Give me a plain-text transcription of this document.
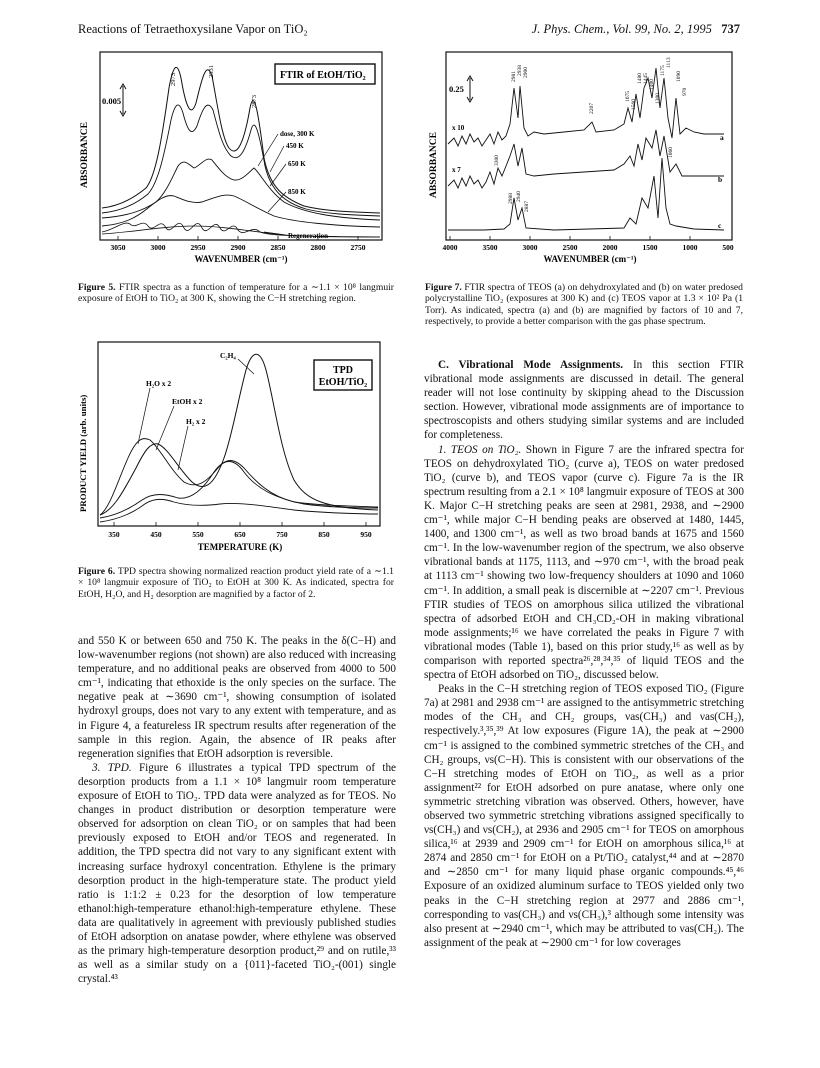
Reactions of Tetraethoxysilane Vapor on TiO₂	J. Phys. Chem., Vol. 99, No. 2, 1995 737
ABSORBANCE
0.005
FTIR of EtOH/TiO₂
2973
2931
2873
dose, 300 K
450 K
650 K
850 K
Regeneration
3050	3000	2950	2900	2850	2800	2750
WAVENUMBER (cm⁻¹)
Figure 5. FTIR spectra as a function of temperature for a ∼1.1 × 10⁸ langmuir exposure of EtOH to TiO₂ at 300 K, showing the C−H stretching region.
PRODUCT YIELD (arb. units)
TPD
EtOH/TiO₂
C₂H₄
H₂O x 2
EtOH x 2
H₂ x 2
350	450	550	650	750	850	950
TEMPERATURE (K)
Figure 6. TPD spectra showing normalized reaction product yield rate of a ∼1.1 × 10⁸ langmuir exposure of TiO₂ to EtOH at 300 K. As indicated, spectra for EtOH, H₂O, and H₂ desorption are magnified by a factor of 2.
ABSORBANCE
0.25
x 10
x 7
a
b
c
2981
2938 2900
2207
1675
1560
1480 1445
1400
1300
1175
1113
1090
1060
970
3300
2988 2940
2887
4000	3500	3000	2500	2000	1500	1000	500
WAVENUMBER (cm⁻¹)
Figure 7. FTIR spectra of TEOS (a) on dehydroxylated and (b) on water predosed polycrystalline TiO₂ (exposures at 300 K) and (c) TEOS vapor at 1.3 × 10² Pa (1 Torr). As indicated, spectra (a) and (b) are magnified by factors of 10 and 7, respectively, to provide a better comparison with the gas phase spectrum.

and 550 K or between 650 and 750 K. The peaks in the δ(C−H) and low-wavenumber regions (not shown) are also reduced with increasing temperature, and no additional peaks are observed from 4000 to 500 cm⁻¹, indicating that ethoxide is the only species on the surface. The negative peak at ∼3690 cm⁻¹, showing consumption of isolated hydroxyl groups, does not vary to any extent with temperature, and as in Figure 4, a featureless IR spectrum results after regeneration of the sample in this region. Again, the absence of IR peaks after regeneration signifies that EtOH adsorption is reversible.

3. TPD. Figure 6 illustrates a typical TPD spectrum of the desorption products from a 1.1 × 10⁸ langmuir room temperature exposure of EtOH to TiO₂. TPD data were analyzed as for TEOS. No changes in product distribution or desorption temperature were observed for adsorption on clean TiO₂ or on samples that had been previously exposed to EtOH and/or TEOS and regenerated. In addition, the TPD spectra did not vary to any significant extent with increasing surface hydroxyl concentration. Ethylene is the primary desorption product in the high-temperature state. The product yield ratio is 1:1:2 ± 0.23 for the desorption of low temperature ethanol:high-temperature ethanol:high-temperature ethylene. These data are qualitatively in agreement with previously published studies of EtOH adsorption on anatase powder, where ethylene was observed as the primary high-temperature desorption product,²⁹ and on rutile,³³ as well as a similar study on a {011}-faceted TiO₂-(001) single crystal.⁴³

C. Vibrational Mode Assignments. In this section FTIR vibrational mode assignments are discussed in detail. The general reader will not lose continuity by skipping ahead to the Discussion section. However, vibrational mode assignments are of importance to spectroscopists and others studying similar systems and are included for completeness.

1. TEOS on TiO₂. Shown in Figure 7 are the infrared spectra for TEOS on dehydroxylated TiO₂ (curve a), TEOS on water predosed TiO₂ (curve b), and TEOS vapor (curve c). Figure 7a is the IR spectrum resulting from a 2.1 × 10⁸ langmuir exposure of TEOS at 300 K. Major C−H stretching peaks are seen at 2981, 2938, and ∼2900 cm⁻¹, while major C−H bending peaks are observed at 1480, 1445, 1400, and 1300 cm⁻¹, as well as two broad bands at 1675 and 1560 cm⁻¹. In the low-wavenumber region of the spectrum, we also observe vibrational bands at 1175, 1113, and ∼970 cm⁻¹, with the broad peak at 1113 cm⁻¹ showing two low-frequency shoulders at 1090 and 1060 cm⁻¹. In addition, a small peak is discernible at ∼2207 cm⁻¹. Previous FTIR studies of TEOS on amorphous silica utilized the vibrational spectra of adsorbed EtOH and CH₃CD₂-OH in making vibrational mode assignments;¹⁶ we have correlated the peaks in Figure 7 with vibrational modes (Table 1), based on this prior study,¹⁶ as well as by comparison with reported spectra²⁶,²⁸,³⁴,³⁵ of liquid TEOS and the spectra of EtOH adsorbed on TiO₂, discussed below.

Peaks in the C−H stretching region of TEOS exposed TiO₂ (Figure 7a) at 2981 and 2938 cm⁻¹ are assigned to the antisymmetric stretching modes of the CH₃ and CH₂ groups, νas(CH₃) and νas(CH₂), respectively.³,³⁵,³⁹ At low exposures (Figure 1A), the peak at ∼2900 cm⁻¹ is assigned to the combined symmetric stretches of the CH₃ and CH₂ groups, νs(C−H). This is consistent with our observations of the C−H stretching modes of EtOH on TiO₂, as well as a prior assignment²² for EtOH adsorbed on pure anatase, where only one symmetric stretching vibration was observed. Others, however, have observed two symmetric stretching vibrations assigned specifically to νs(CH₃) and νs(CH₂), at 2936 and 2905 cm⁻¹ for TEOS on amorphous silica,¹⁶ at 2939 and 2909 cm⁻¹ for EtOH on amorphous silica,¹⁶ at 2874 and 2850 cm⁻¹ for EtOH on a Pt/TiO₂ catalyst,⁴⁴ and at ∼2870 and ∼2850 cm⁻¹ for many liquid phase organic compounds.⁴⁵,⁴⁶ Exposure of an oxidized aluminum surface to TEOS yielded only two peaks in the C−H stretching region at 2977 and 2886 cm⁻¹, corresponding to νas(CH₃) and νs(CH₃),³ although some intensity was also present at ∼2940 cm⁻¹, which may be attributed to νas(CH₂). The assignment of the peak at ∼2900 cm⁻¹ for low coverages
